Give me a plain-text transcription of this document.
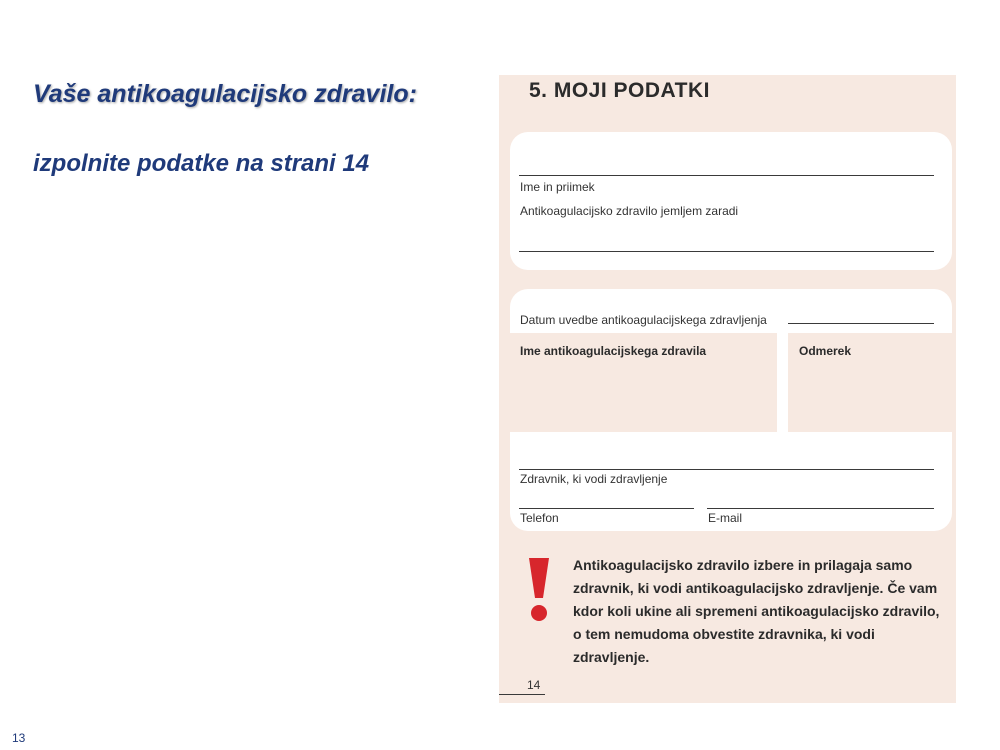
Vaše antikoagulacijsko zdravilo:
izpolnite podatke na strani 14
5. MOJI PODATKI
Ime in priimek
Antikoagulacijsko zdravilo jemljem zaradi
Datum uvedbe antikoagulacijskega zdravljenja
Ime antikoagulacijskega zdravila	Odmerek
Zdravnik, ki vodi zdravljenje
Telefon	E-mail
Antikoagulacijsko zdravilo izbere in prilagaja samo zdravnik, ki vodi antikoagulacijsko zdravljenje. Če vam kdor koli ukine ali spremeni antikoagulacijsko zdravilo, o tem nemudoma obvestite zdravnika, ki vodi zdravljenje.
14
13
